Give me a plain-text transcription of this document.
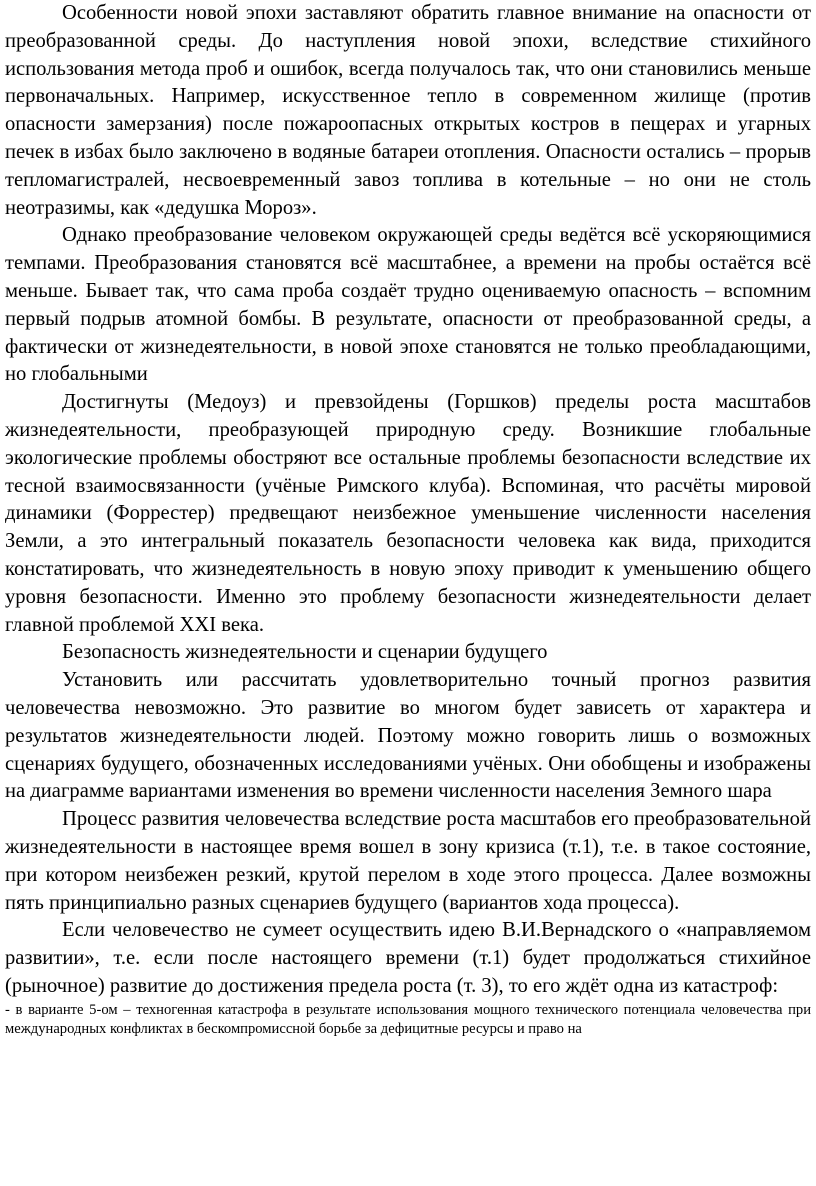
Особенности новой эпохи заставляют обратить главное внимание на опасности от преобразованной среды. До наступления новой эпохи, вследствие стихийного использования метода проб и ошибок, всегда получалось так, что они становились меньше первоначальных. Например, искусственное тепло в современном жилище (против опасности замерзания) после пожароопасных открытых костров в пещерах и угарных печек в избах было заключено в водяные батареи отопления. Опасности остались – прорыв тепломагистралей, несвоевременный завоз топлива в котельные – но они не столь неотразимы, как «дедушка Мороз».

Однако преобразование человеком окружающей среды ведётся всё ускоряющимися темпами. Преобразования становятся всё масштабнее, а времени на пробы остаётся всё меньше. Бывает так, что сама проба создаёт трудно оцениваемую опасность – вспомним первый подрыв атомной бомбы. В результате, опасности от преобразованной среды, а фактически от жизнедеятельности, в новой эпохе становятся не только преобладающими, но глобальными

Достигнуты (Медоуз) и превзойдены (Горшков) пределы роста масштабов жизнедеятельности, преобразующей природную среду. Возникшие глобальные экологические проблемы обостряют все остальные проблемы безопасности вследствие их тесной взаимосвязанности (учёные Римского клуба). Вспоминая, что расчёты мировой динамики (Форрестер) предвещают неизбежное уменьшение численности населения Земли, а это интегральный показатель безопасности человека как вида, приходится констатировать, что жизнедеятельность в новую эпоху приводит к уменьшению общего уровня безопасности. Именно это проблему безопасности жизнедеятельности делает главной проблемой XXI века.

Безопасность жизнедеятельности и сценарии будущего

Установить или рассчитать удовлетворительно точный прогноз развития человечества невозможно. Это развитие во многом будет зависеть от характера и результатов жизнедеятельности людей. Поэтому можно говорить лишь о возможных сценариях будущего, обозначенных исследованиями учёных. Они обобщены и изображены на диаграмме вариантами изменения во времени численности населения Земного шара

Процесс развития человечества вследствие роста масштабов его преобразовательной жизнедеятельности в настоящее время вошел в зону кризиса (т.1), т.е. в такое состояние, при котором неизбежен резкий, крутой перелом в ходе этого процесса. Далее возможны пять принципиально разных сценариев будущего (вариантов хода процесса).

Если человечество не сумеет осуществить идею В.И.Вернадского о «направляемом развитии», т.е. если после настоящего времени (т.1) будет продолжаться стихийное (рыночное) развитие до достижения предела роста (т. 3), то его ждёт одна из катастроф:

- в варианте 5-ом – техногенная катастрофа в результате использования мощного технического потенциала человечества при международных конфликтах в бескомпромиссной борьбе за дефицитные ресурсы и право на
